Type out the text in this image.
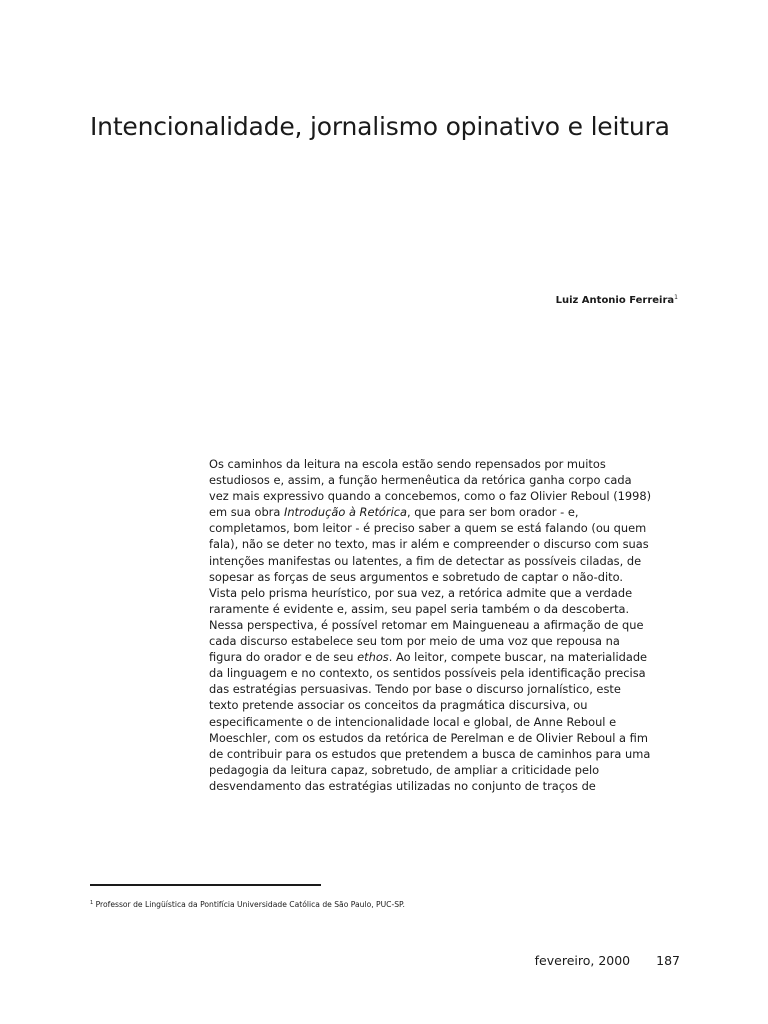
Intencionalidade, jornalismo opinativo e leitura
Luiz Antonio Ferreira$^1$

Os caminhos da leitura na escola estão sendo repensados por muitos
estudiosos e, assim, a função hermenêutica da retórica ganha corpo cada
vez mais expressivo quando a concebemos, como o faz Olivier Reboul (1998)
em sua obra Introdução à Retórica, que para ser bom orador - e,
completamos, bom leitor - é preciso saber a quem se está falando (ou quem
fala), não se deter no texto, mas ir além e compreender o discurso com suas
intenções manifestas ou latentes, a fim de detectar as possíveis ciladas, de
sopesar as forças de seus argumentos e sobretudo de captar o não-dito.
Vista pelo prisma heurístico, por sua vez, a retórica admite que a verdade
raramente é evidente e, assim, seu papel seria também o da descoberta.
Nessa perspectiva, é possível retomar em Maingueneau a afirmação de que
cada discurso estabelece seu tom por meio de uma voz que repousa na
figura do orador e de seu ethos. Ao leitor, compete buscar, na materialidade
da linguagem e no contexto, os sentidos possíveis pela identificação precisa
das estratégias persuasivas. Tendo por base o discurso jornalístico, este
texto pretende associar os conceitos da pragmática discursiva, ou
especificamente o de intencionalidade local e global, de Anne Reboul e
Moeschler, com os estudos da retórica de Perelman e de Olivier Reboul a fim
de contribuir para os estudos que pretendem a busca de caminhos para uma
pedagogia da leitura capaz, sobretudo, de ampliar a criticidade pelo
desvendamento das estratégias utilizadas no conjunto de traços de

$^1$ Professor de Lingüística da Pontifícia Universidade Católica de São Paulo, PUC-SP.
fevereiro, 2000 187
